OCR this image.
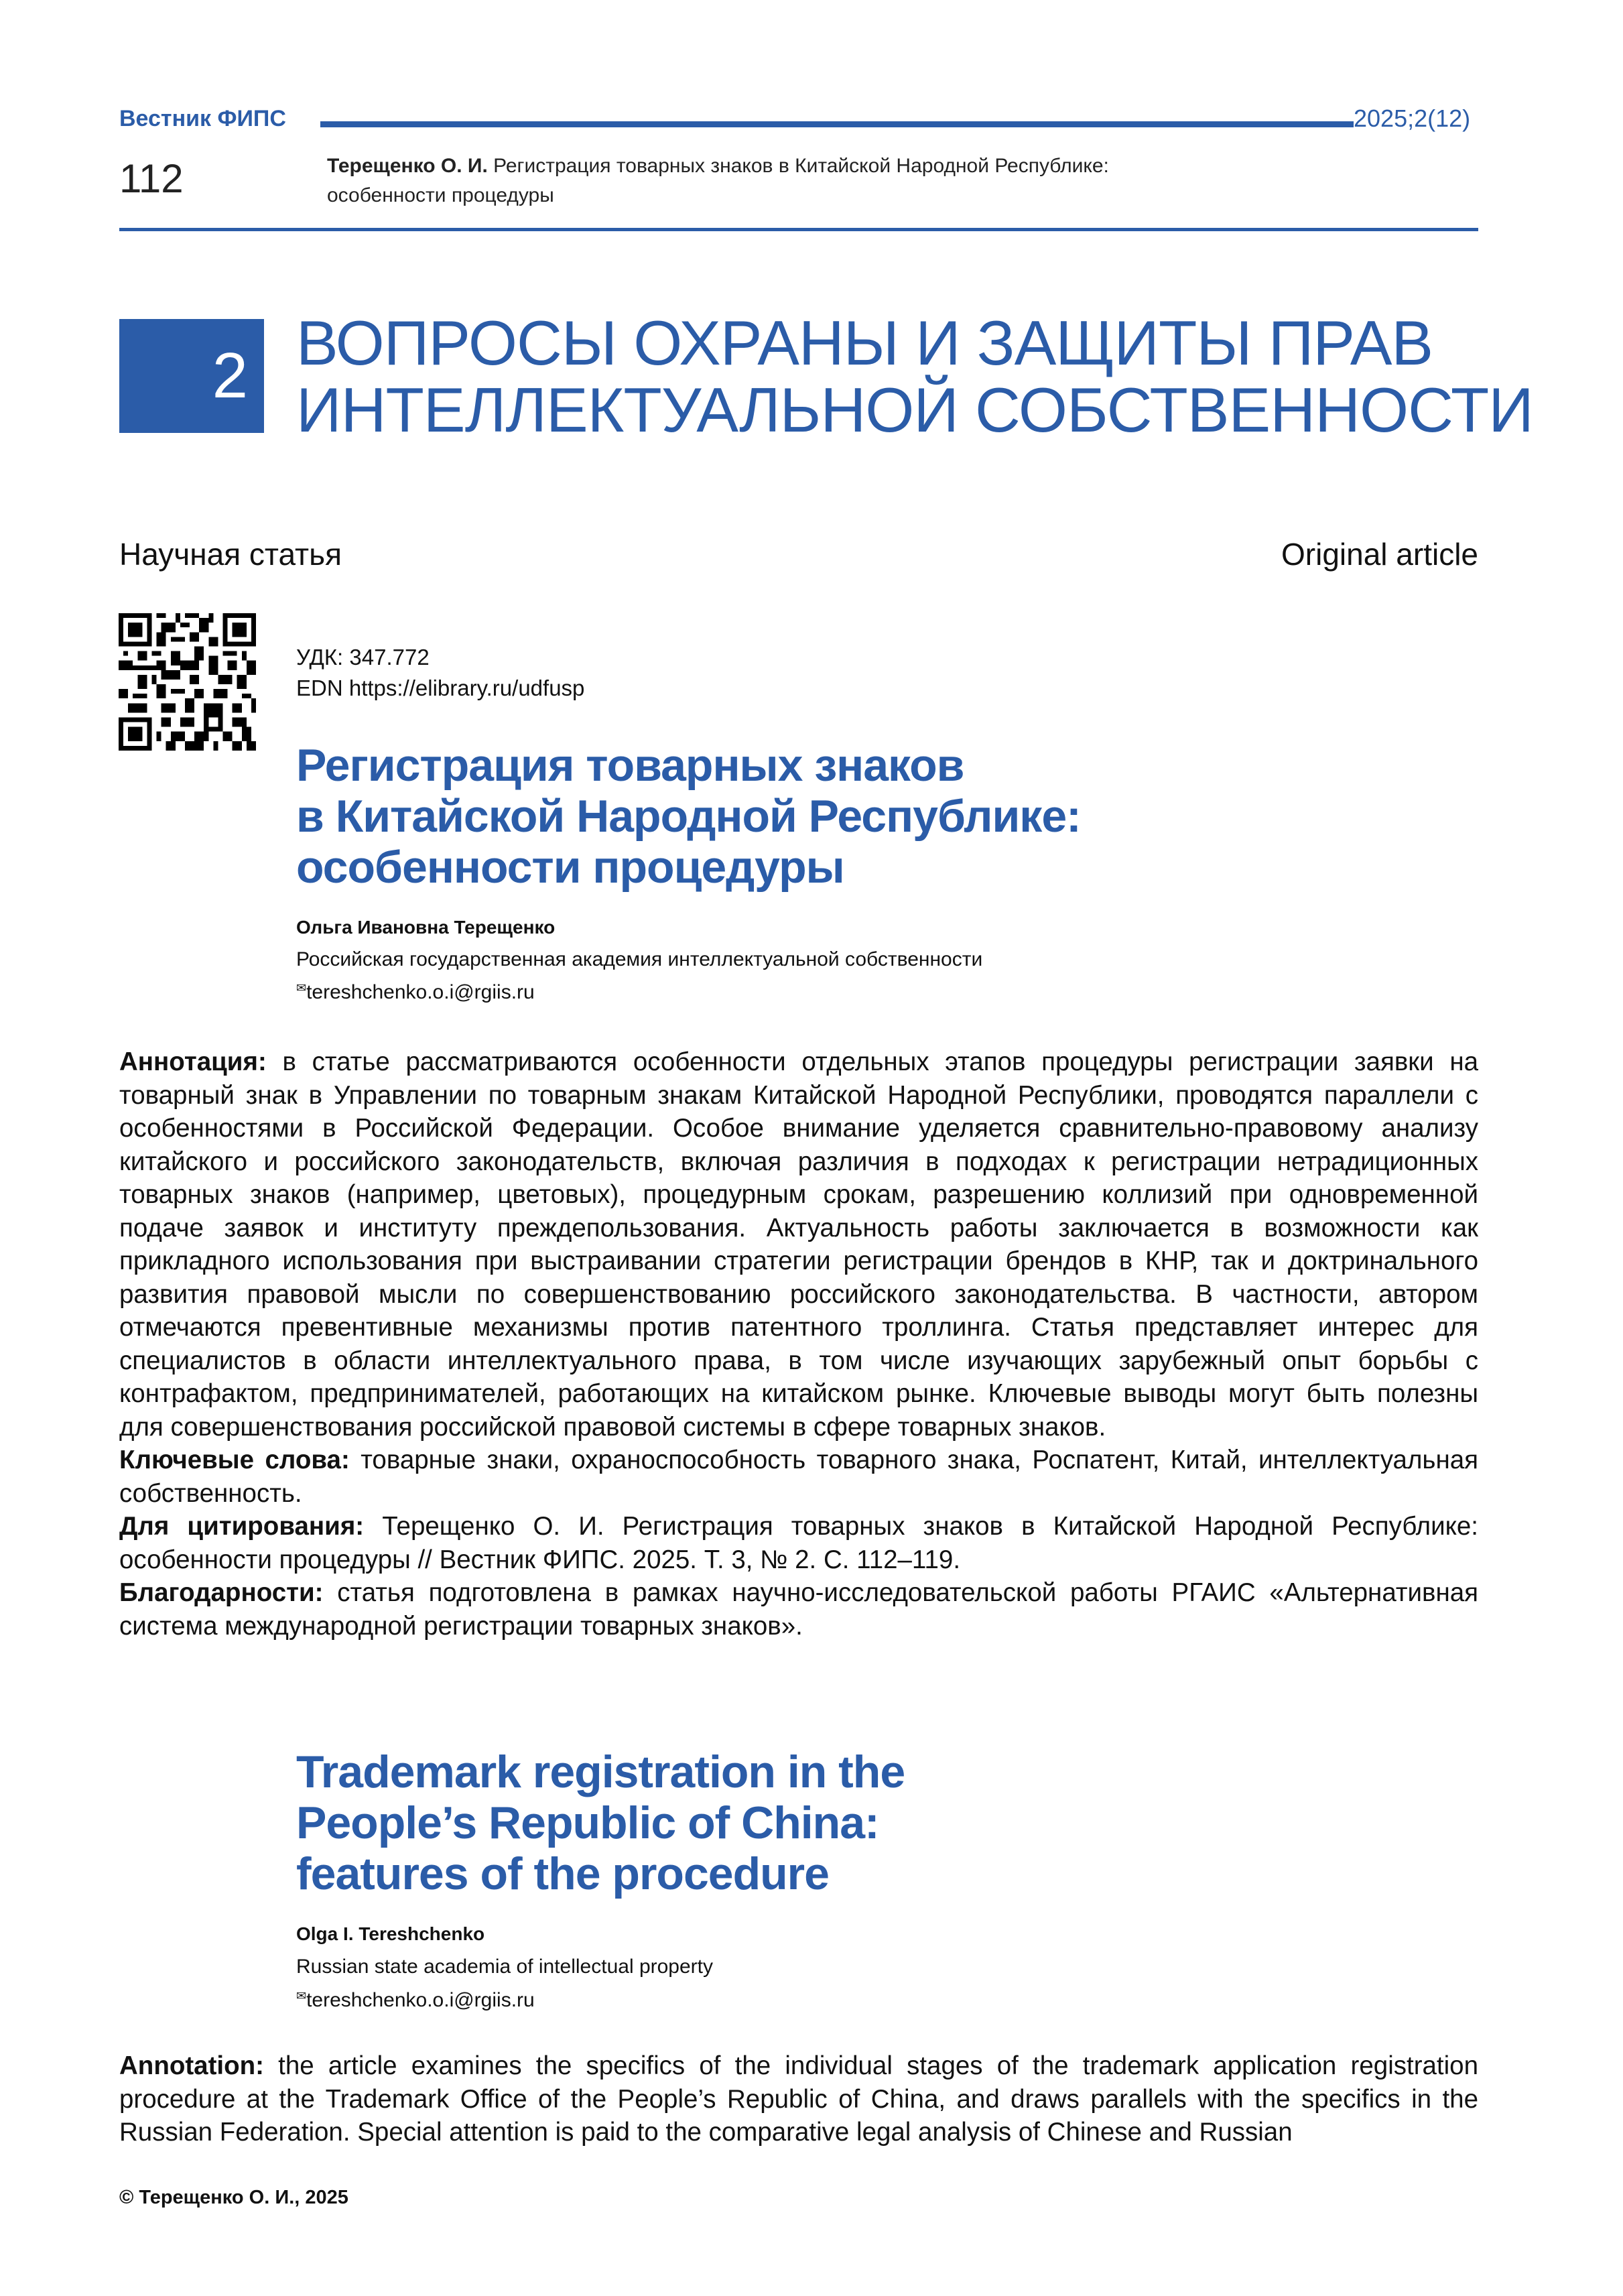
Вестник ФИПС	2025;2(12)
112	Терещенко О. И. Регистрация товарных знаков в Китайской Народной Республике:
особенности процедуры
2 ВОПРОСЫ ОХРАНЫ И ЗАЩИТЫ ПРАВ
ИНТЕЛЛЕКТУАЛЬНОЙ СОБСТВЕННОСТИ
Научная статья	Original article
УДК: 347.772
EDN https://elibrary.ru/udfusp
Регистрация товарных знаков
в Китайской Народной Республике:
особенности процедуры
Ольга Ивановна Терещенко
Российская государственная академия интеллектуальной собственности
✉tereshchenko.o.i@rgiis.ru

Аннотация: в статье рассматриваются особенности отдельных этапов процедуры регистрации заявки на товарный знак в Управлении по товарным знакам Китайской Народной Республики, проводятся параллели с особенностями в Российской Федерации. Особое внимание уделяется сравнительно-правовому анализу китайского и российского законодательств, включая различия в подходах к регистрации нетрадиционных товарных знаков (например, цветовых), процедурным срокам, разрешению коллизий при одновременной подаче заявок и институту преждепользования. Актуальность работы заключается в возможности как прикладного использования при выстраивании стратегии регистрации брендов в КНР, так и доктринального развития правовой мысли по совершенствованию российского законодательства. В частности, автором отмечаются превентивные механизмы против патентного троллинга. Статья представляет интерес для специалистов в области интеллектуального права, в том числе изучающих зарубежный опыт борьбы с контрафактом, предпринимателей, работающих на китайском рынке. Ключевые выводы могут быть полезны для совершенствования российской правовой системы в сфере товарных знаков.

Ключевые слова: товарные знаки, охраноспособность товарного знака, Роспатент, Китай, интеллектуальная собственность.

Для цитирования: Терещенко О. И. Регистрация товарных знаков в Китайской Народной Республике: особенности процедуры // Вестник ФИПС. 2025. Т. 3, № 2. С. 112–119.

Благодарности: статья подготовлена в рамках научно-исследовательской работы РГАИС «Альтернативная система международной регистрации товарных знаков».

Trademark registration in the
People’s Republic of China:
features of the procedure
Olga I. Tereshchenko
Russian state academia of intellectual property
✉tereshchenko.o.i@rgiis.ru

Annotation: the article examines the specifics of the individual stages of the trademark application registration procedure at the Trademark Office of the People’s Republic of China, and draws parallels with the specifics in the Russian Federation. Special attention is paid to the comparative legal analysis of Chinese and Russian

© Терещенко О. И., 2025
